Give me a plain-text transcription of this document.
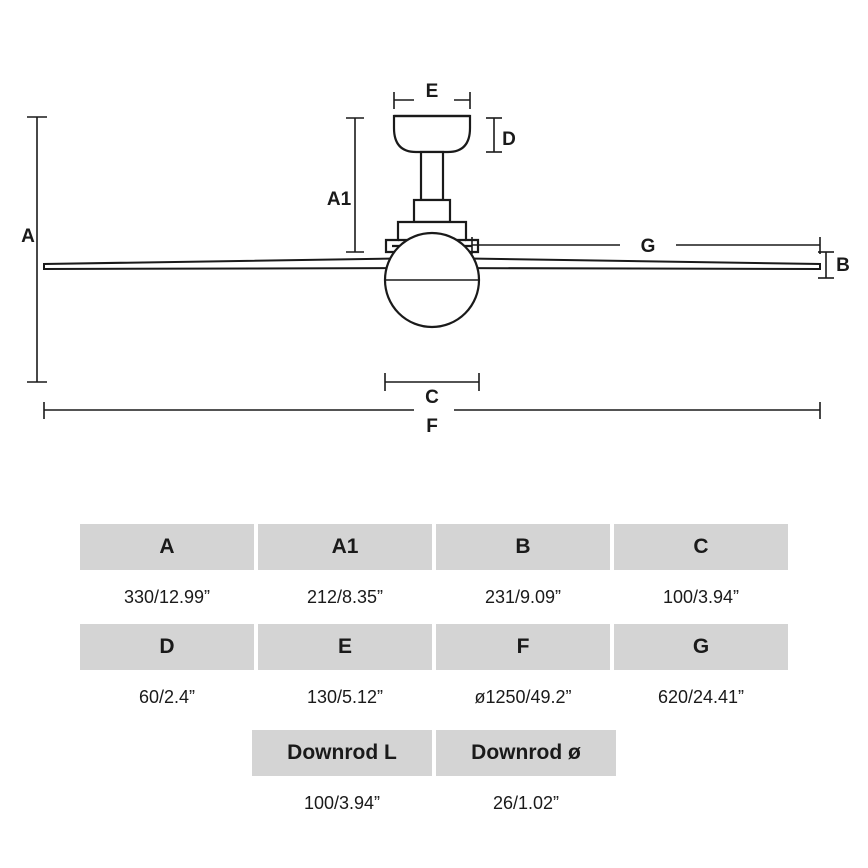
A
A1
B
C
D
E
F
G
A	A1	B	C
330/12.99”	212/8.35”	231/9.09”	100/3.94”
D	E	F	G
60/2.4”	130/5.12”	ø1250/49.2”	620/24.41”
Downrod L	Downrod ø
100/3.94”	26/1.02”
